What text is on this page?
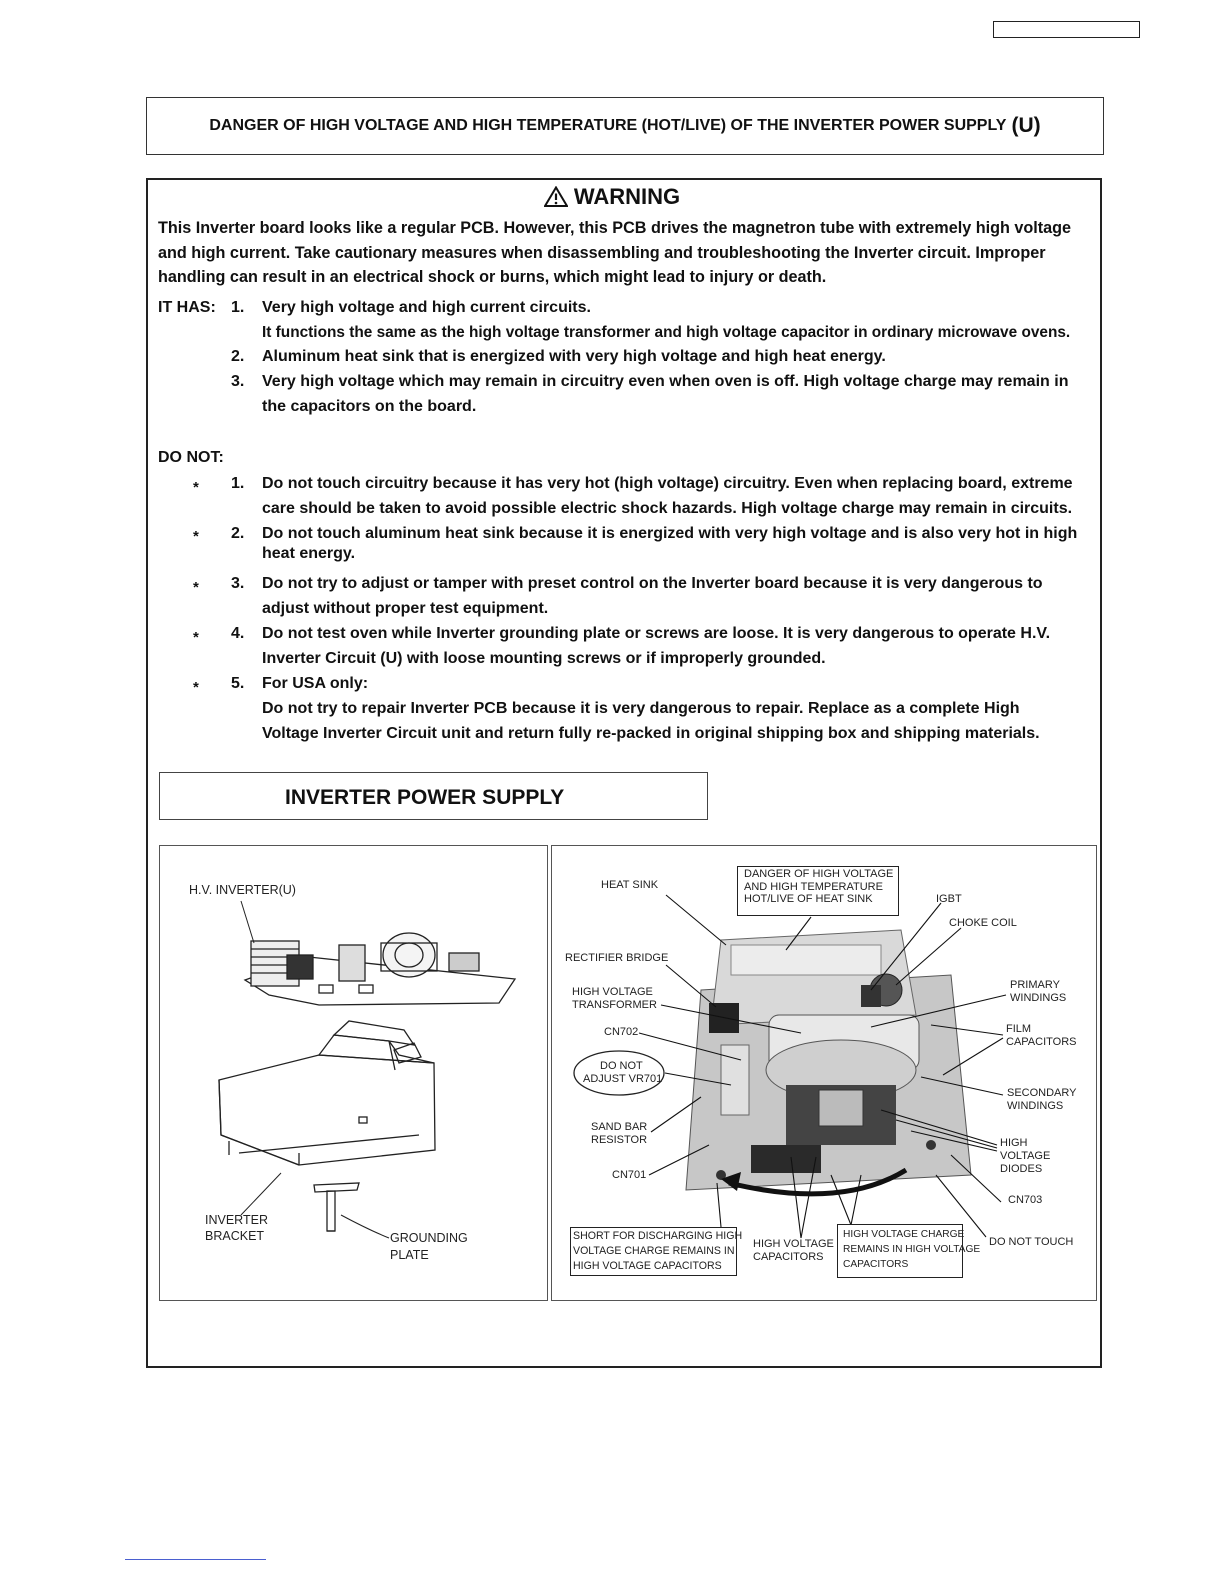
DANGER OF HIGH VOLTAGE AND HIGH TEMPERATURE (HOT/LIVE) OF THE INVERTER POWER SUPPLY (U)
WARNING
This Inverter board looks like a regular PCB. However, this PCB drives the magnetron tube with extremely high voltage and high current. Take cautionary measures when disassembling and troubleshooting the Inverter circuit. Improper handling can result in an electrical shock or burns, which might lead to injury or death.
IT HAS: 1. Very high voltage and high current circuits.
It functions the same as the high voltage transformer and high voltage capacitor in ordinary microwave ovens.
2. Aluminum heat sink that is energized with very high voltage and high heat energy.
3. Very high voltage which may remain in circuitry even when oven is off. High voltage charge may remain in
the capacitors on the board.
DO NOT:
* 1. Do not touch circuitry because it has very hot (high voltage) circuitry. Even when replacing board, extreme
care should be taken to avoid possible electric shock hazards. High voltage charge may remain in circuits.
* 2. Do not touch aluminum heat sink because it is energized with very high voltage and is also very hot in high
heat energy.
* 3. Do not try to adjust or tamper with preset control on the Inverter board because it is very dangerous to
adjust without proper test equipment.
* 4. Do not test oven while Inverter grounding plate or screws are loose. It is very dangerous to operate H.V.
Inverter Circuit (U) with loose mounting screws or if improperly grounded.
* 5. For USA only:
Do not try to repair Inverter PCB because it is very dangerous to repair. Replace as a complete High
Voltage Inverter Circuit unit and return fully re-packed in original shipping box and shipping materials.
INVERTER POWER SUPPLY
H.V. INVERTER(U)
INVERTER
BRACKET	GROUNDING
PLATE
HEAT SINK
DANGER OF HIGH VOLTAGE
AND HIGH TEMPERATURE
HOT/LIVE OF HEAT SINK	IGBT
CHOKE COIL
RECTIFIER BRIDGE
HIGH VOLTAGE
TRANSFORMER
PRIMARY
WINDINGS
CN702	FILM
CAPACITORS
DO NOT
ADJUST VR701
SECONDARY
WINDINGS
SAND BAR
RESISTOR	HIGH
VOLTAGE
DIODES
CN701
CN703
SHORT FOR DISCHARGING HIGH
VOLTAGE CHARGE REMAINS IN
HIGH VOLTAGE CAPACITORS
HIGH VOLTAGE
CAPACITORS
HIGH VOLTAGE CHARGE
REMAINS IN HIGH VOLTAGE
CAPACITORS
DO NOT TOUCH
